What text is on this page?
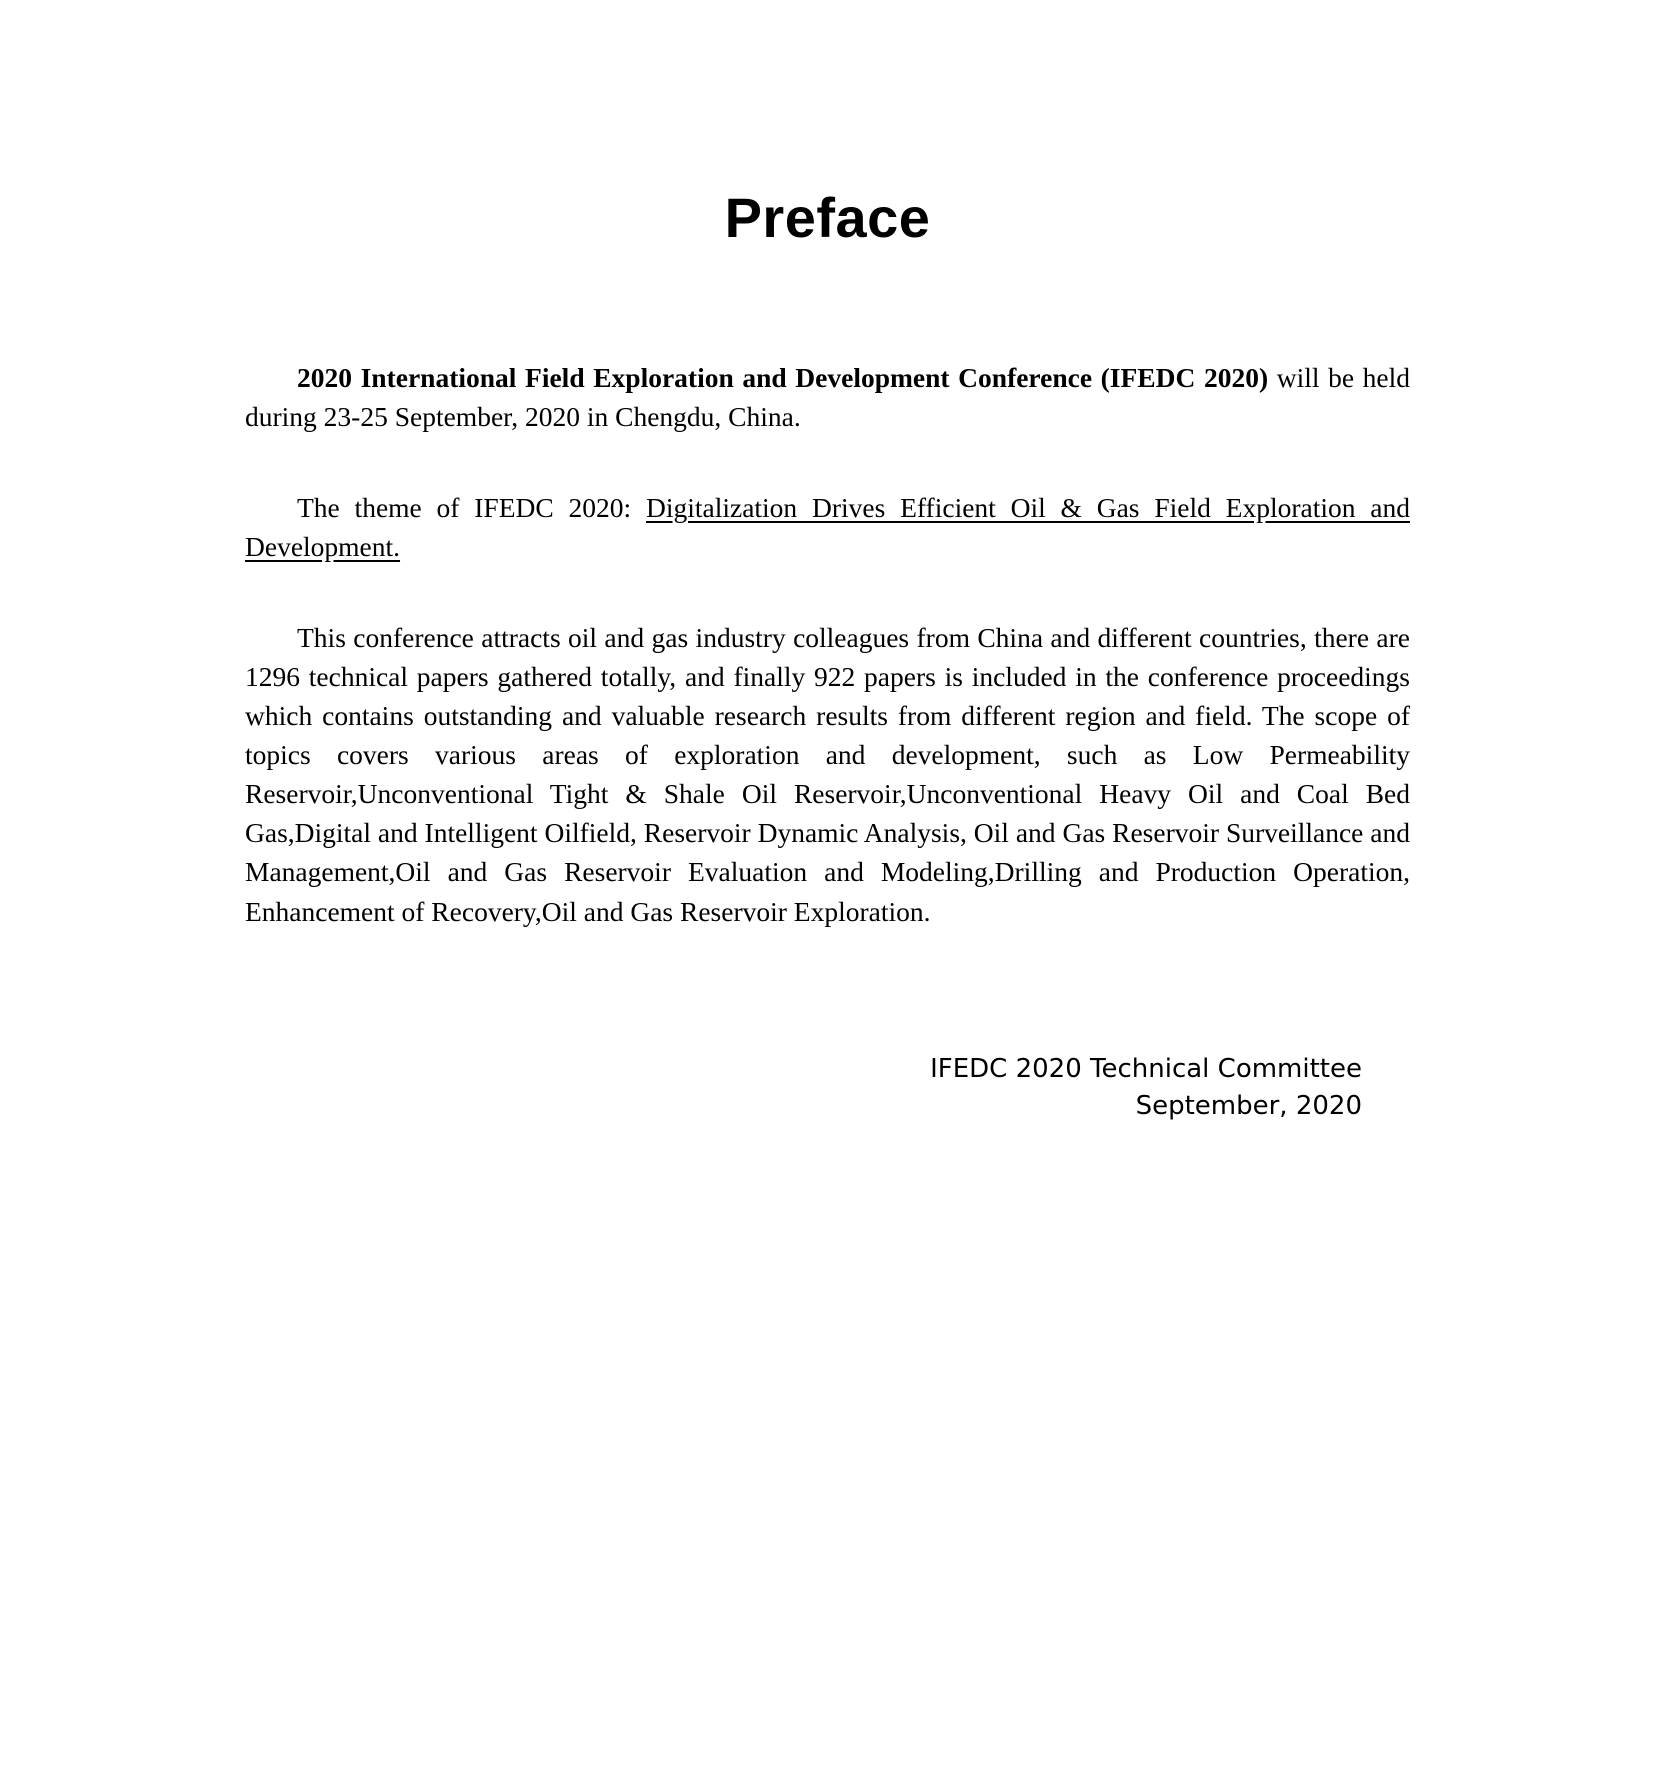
Preface

2020 International Field Exploration and Development Conference (IFEDC 2020) will be held during 23-25 September, 2020 in Chengdu, China.

The theme of IFEDC 2020: Digitalization Drives Efficient Oil & Gas Field Exploration and Development.

This conference attracts oil and gas industry colleagues from China and different countries, there are 1296 technical papers gathered totally, and finally 922 papers is included in the conference proceedings which contains outstanding and valuable research results from different region and field. The scope of topics covers various areas of exploration and development, such as Low Permeability Reservoir,Unconventional Tight & Shale Oil Reservoir,Unconventional Heavy Oil and Coal Bed Gas,Digital and Intelligent Oilfield, Reservoir Dynamic Analysis, Oil and Gas Reservoir Surveillance and Management,Oil and Gas Reservoir Evaluation and Modeling,Drilling and Production Operation, Enhancement of Recovery,Oil and Gas Reservoir Exploration.

IFEDC 2020 Technical Committee
September, 2020
